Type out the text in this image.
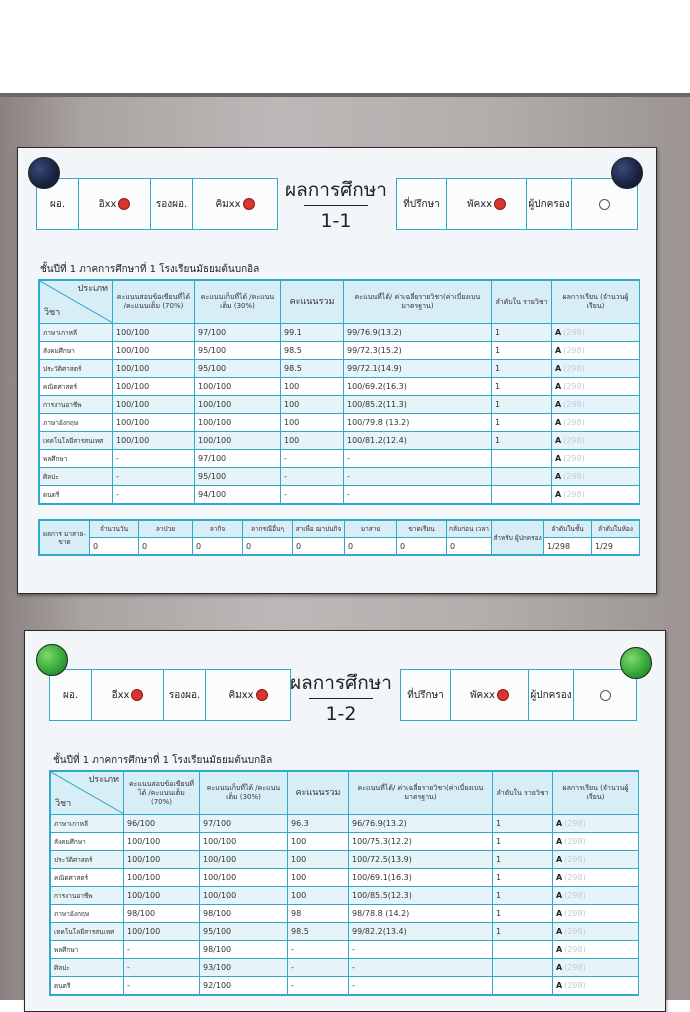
ผอ.	อิxx	รองผอ.	คิมxx
ผลการศึกษา
1-1
ที่ปรึกษา	พัคxx	ผู้ปกครอง
ชั้นปีที่ 1 ภาคการศึกษาที่ 1 โรงเรียนมัธยมต้นบกอิล
ประเภท
วิชา	คะแนนสอบข้อเขียนที่ได้ /คะแนนเต็ม (70%)	คะแนนเก็บที่ได้ /คะแนนเต็ม (30%)	คะแนนรวม	คะแนนที่ได้/ ค่าเฉลี่ยรายวิชา(ค่าเบี่ยงเบนมาตรฐาน)	ลำดับใน รายวิชา	ผลการเรียน (จำนวนผู้เรียน)
ภาษาเกาหลี	100/100	97/100	99.1	99/76.9(13.2)	1	A (298)
สังคมศึกษา	100/100	95/100	98.5	99/72.3(15.2)	1	A (298)
ประวัติศาสตร์	100/100	95/100	98.5	99/72.1(14.9)	1	A (298)
คณิตศาสตร์	100/100	100/100	100	100/69.2(16.3)	1	A (298)
การงานอาชีพ	100/100	100/100	100	100/85.2(11.3)	1	A (298)
ภาษาอังกฤษ	100/100	100/100	100	100/79.8 (13.2)	1	A (298)
เทคโนโลยีสารสนเทศ	100/100	100/100	100	100/81.2(12.4)	1	A (298)
พลศึกษา	-	97/100	-	-		A (298)
ศิลปะ	-	95/100	-	-		A (298)
ดนตรี	-	94/100	-	-		A (298)
ผลการ มาสาย-ขาด	จำนวนวัน	ลาป่วย	ลากิจ	ลากรณีอื่นๆ	สาเพื่อ ฌาปนกิจ	มาสาย	ขาดเรียน	กลับก่อน เวลา	สำหรับ ผู้ปกครอง	ลำดับในชั้น	ลำดับในห้อง
	0	0	0	0	0	0	0	0		1/298	1/29
ผอ.	อีxx	รองผอ.	คิมxx
ผลการศึกษา
1-2
ที่ปรึกษา	พัคxx	ผู้ปกครอง
ชั้นปีที่ 1 ภาคการศึกษาที่ 1 โรงเรียนมัธยมต้นบกอิล
ประเภท
วิชา	คะแนนสอบข้อเขียนที่ได้ /คะแนนเต็ม (70%)	คะแนนเก็บที่ได้ /คะแนนเต็ม (30%)	คะแนนรวม	คะแนนที่ได้/ ค่าเฉลี่ยรายวิชา(ค่าเบี่ยงเบนมาตรฐาน)	ลำดับใน รายวิชา	ผลการเรียน (จำนวนผู้เรียน)
ภาษาเกาหลี	96/100	97/100	96.3	96/76.9(13.2)	1	A (298)
สังคมศึกษา	100/100	100/100	100	100/75.3(12.2)	1	A (298)
ประวัติศาสตร์	100/100	100/100	100	100/72.5(13.9)	1	A (298)
คณิตศาสตร์	100/100	100/100	100	100/69.1(16.3)	1	A (298)
การงานอาชีพ	100/100	100/100	100	100/85.5(12.3)	1	A (298)
ภาษาอังกฤษ	98/100	98/100	98	98/78.8 (14.2)	1	A (298)
เทคโนโลยีสารสนเทศ	100/100	95/100	98.5	99/82.2(13.4)	1	A (298)
พลศึกษา	-	98/100	-	-		A (298)
ศิลปะ	-	93/100	-	-		A (298)
ดนตรี	-	92/100	-	-		A (298)
